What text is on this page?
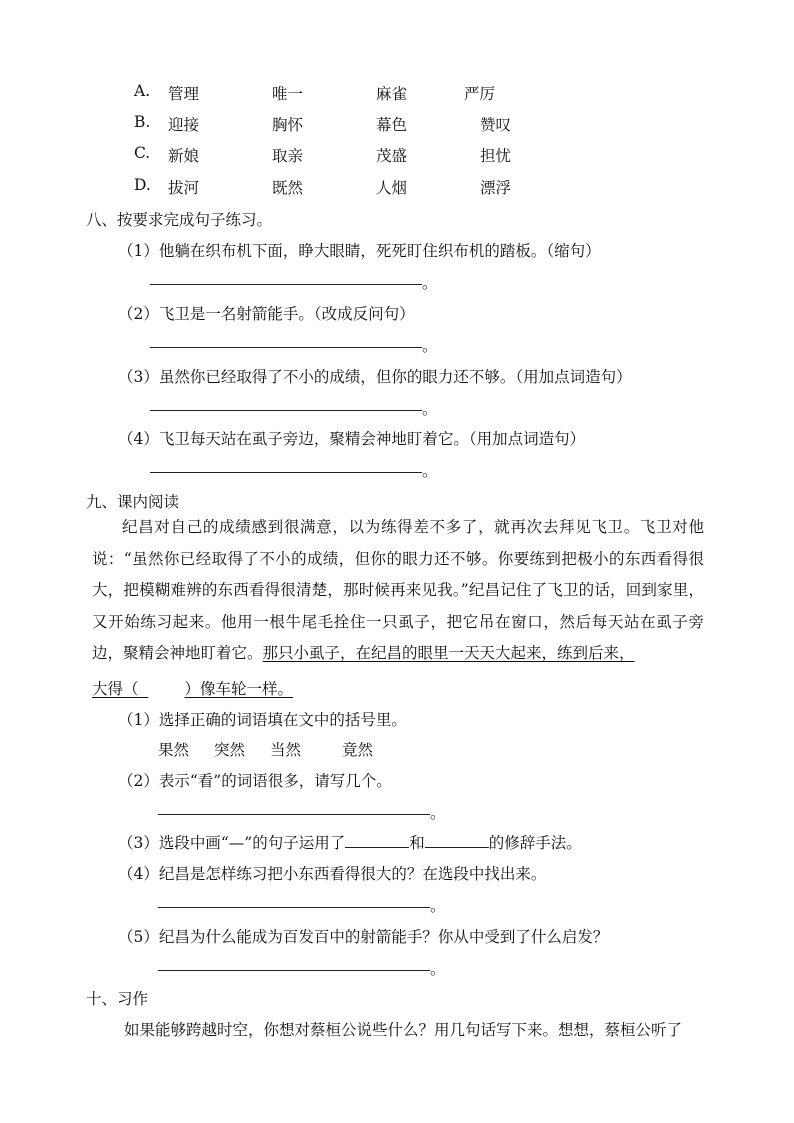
A. 管理	唯一	麻雀	严厉
B. 迎接	胸怀	幕色	赞叹
C. 新娘	取亲	茂盛	担忧
D. 拔河	既然	人烟	漂浮
八、按要求完成句子练习。
（1）他躺在织布机下面，睁大眼睛，死死盯住织布机的踏板。（缩句）
。
（2）飞卫是一名射箭能手。（改成反问句）
。
（3）虽然你已经取得了不小的成绩，但你的眼力还不够。（用加点词造句）
。
（4）飞卫每天站在虱子旁边，聚精会神地盯着它。（用加点词造句）
。
九、课内阅读
纪昌对自己的成绩感到很满意，以为练得差不多了，就再次去拜见飞卫。飞卫对他说：“虽然你已经取得了不小的成绩，但你的眼力还不够。你要练到把极小的东西看得很大，把模糊难辨的东西看得很清楚，那时候再来见我。”纪昌记住了飞卫的话，回到家里，又开始练习起来。他用一根牛尾毛拴住一只虱子，把它吊在窗口，然后每天站在虱子旁边，聚精会神地盯着它。那只小虱子，在纪昌的眼里一天天大起来，练到后来，
大得（ 	）像车轮一样。
（1）选择正确的词语填在文中的括号里。
果然 突然 当然	竟然
（2）表示“看”的词语很多，请写几个。
。
（3）选段中画“—”的句子运用了	和	的修辞手法。
（4）纪昌是怎样练习把小东西看得很大的？在选段中找出来。
。
（5）纪昌为什么能成为百发百中的射箭能手？你从中受到了什么启发？
。
十、习作
如果能够跨越时空，你想对蔡桓公说些什么？用几句话写下来。想想，蔡桓公听了
